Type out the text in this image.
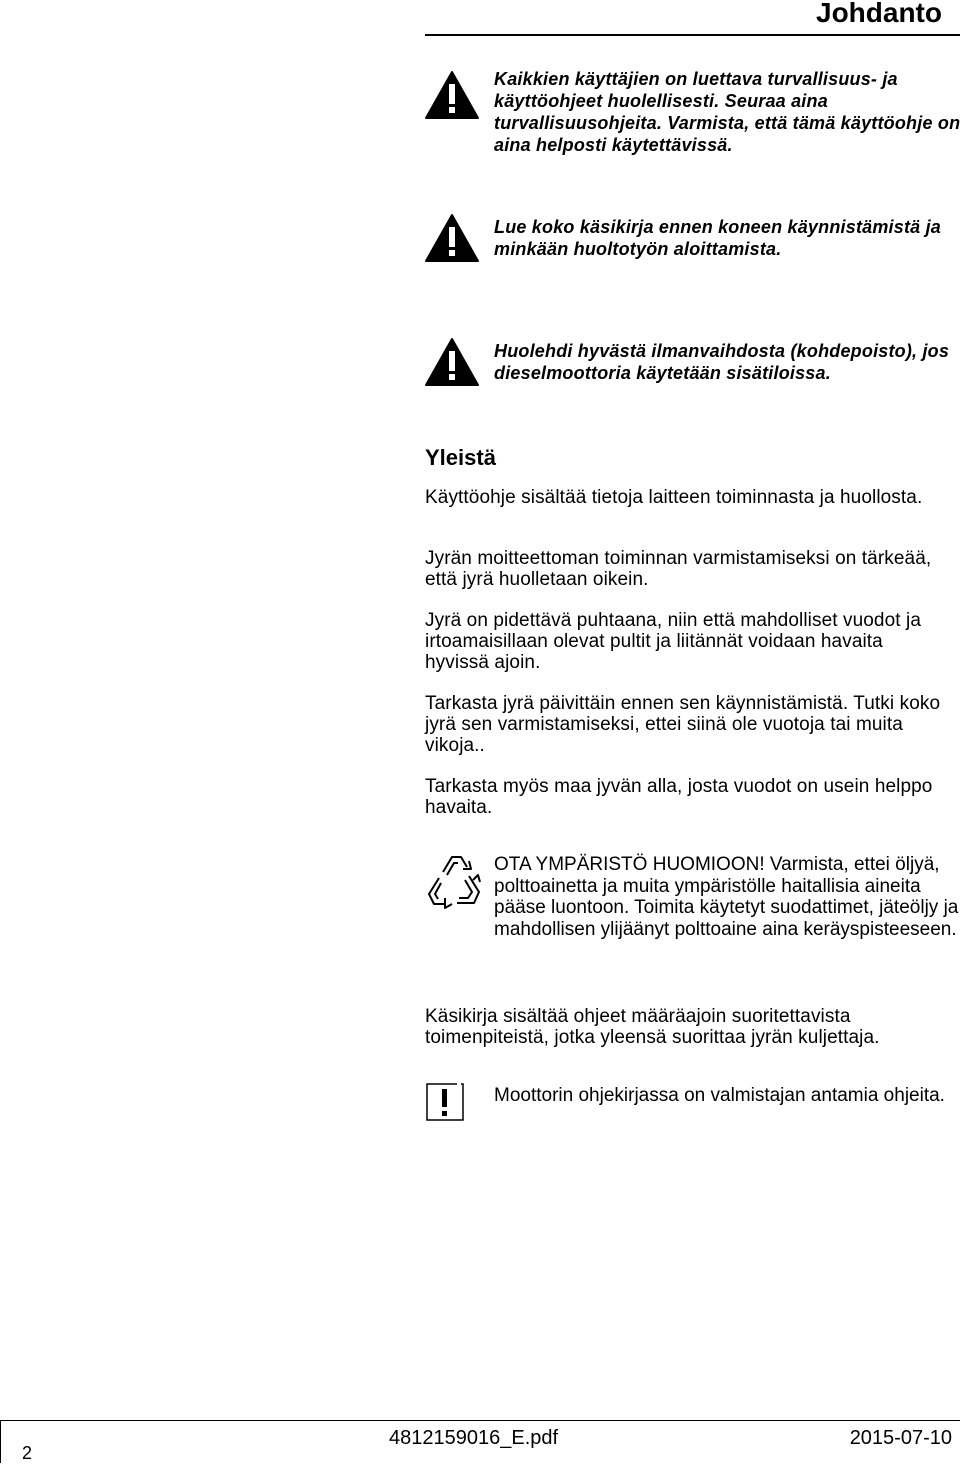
Johdanto
Kaikkien käyttäjien on luettava turvallisuus- ja käyttöohjeet huolellisesti. Seuraa aina turvallisuusohjeita. Varmista, että tämä käyttöohje on aina helposti käytettävissä.
Lue koko käsikirja ennen koneen käynnistämistä ja minkään huoltotyön aloittamista.
Huolehdi hyvästä ilmanvaihdosta (kohdepoisto), jos dieselmoottoria käytetään sisätiloissa.
Yleistä
Käyttöohje sisältää tietoja laitteen toiminnasta ja huollosta.
Jyrän moitteettoman toiminnan varmistamiseksi on tärkeää, että jyrä huolletaan oikein.
Jyrä on pidettävä puhtaana, niin että mahdolliset vuodot ja irtoamaisillaan olevat pultit ja liitännät voidaan havaita hyvissä ajoin.
Tarkasta jyrä päivittäin ennen sen käynnistämistä. Tutki koko jyrä sen varmistamiseksi, ettei siinä ole vuotoja tai muita vikoja..
Tarkasta myös maa jyvän alla, josta vuodot on usein helppo havaita.
OTA YMPÄRISTÖ HUOMIOON! Varmista, ettei öljyä, polttoainetta ja muita ympäristölle haitallisia aineita pääse luontoon. Toimita käytetyt suodattimet, jäteöljy ja mahdollisen ylijäänyt polttoaine aina keräyspisteeseen.
Käsikirja sisältää ohjeet määräajoin suoritettavista toimenpiteistä, jotka yleensä suorittaa jyrän kuljettaja.
Moottorin ohjekirjassa on valmistajan antamia ohjeita.
2
4812159016_E.pdf	2015-07-10
